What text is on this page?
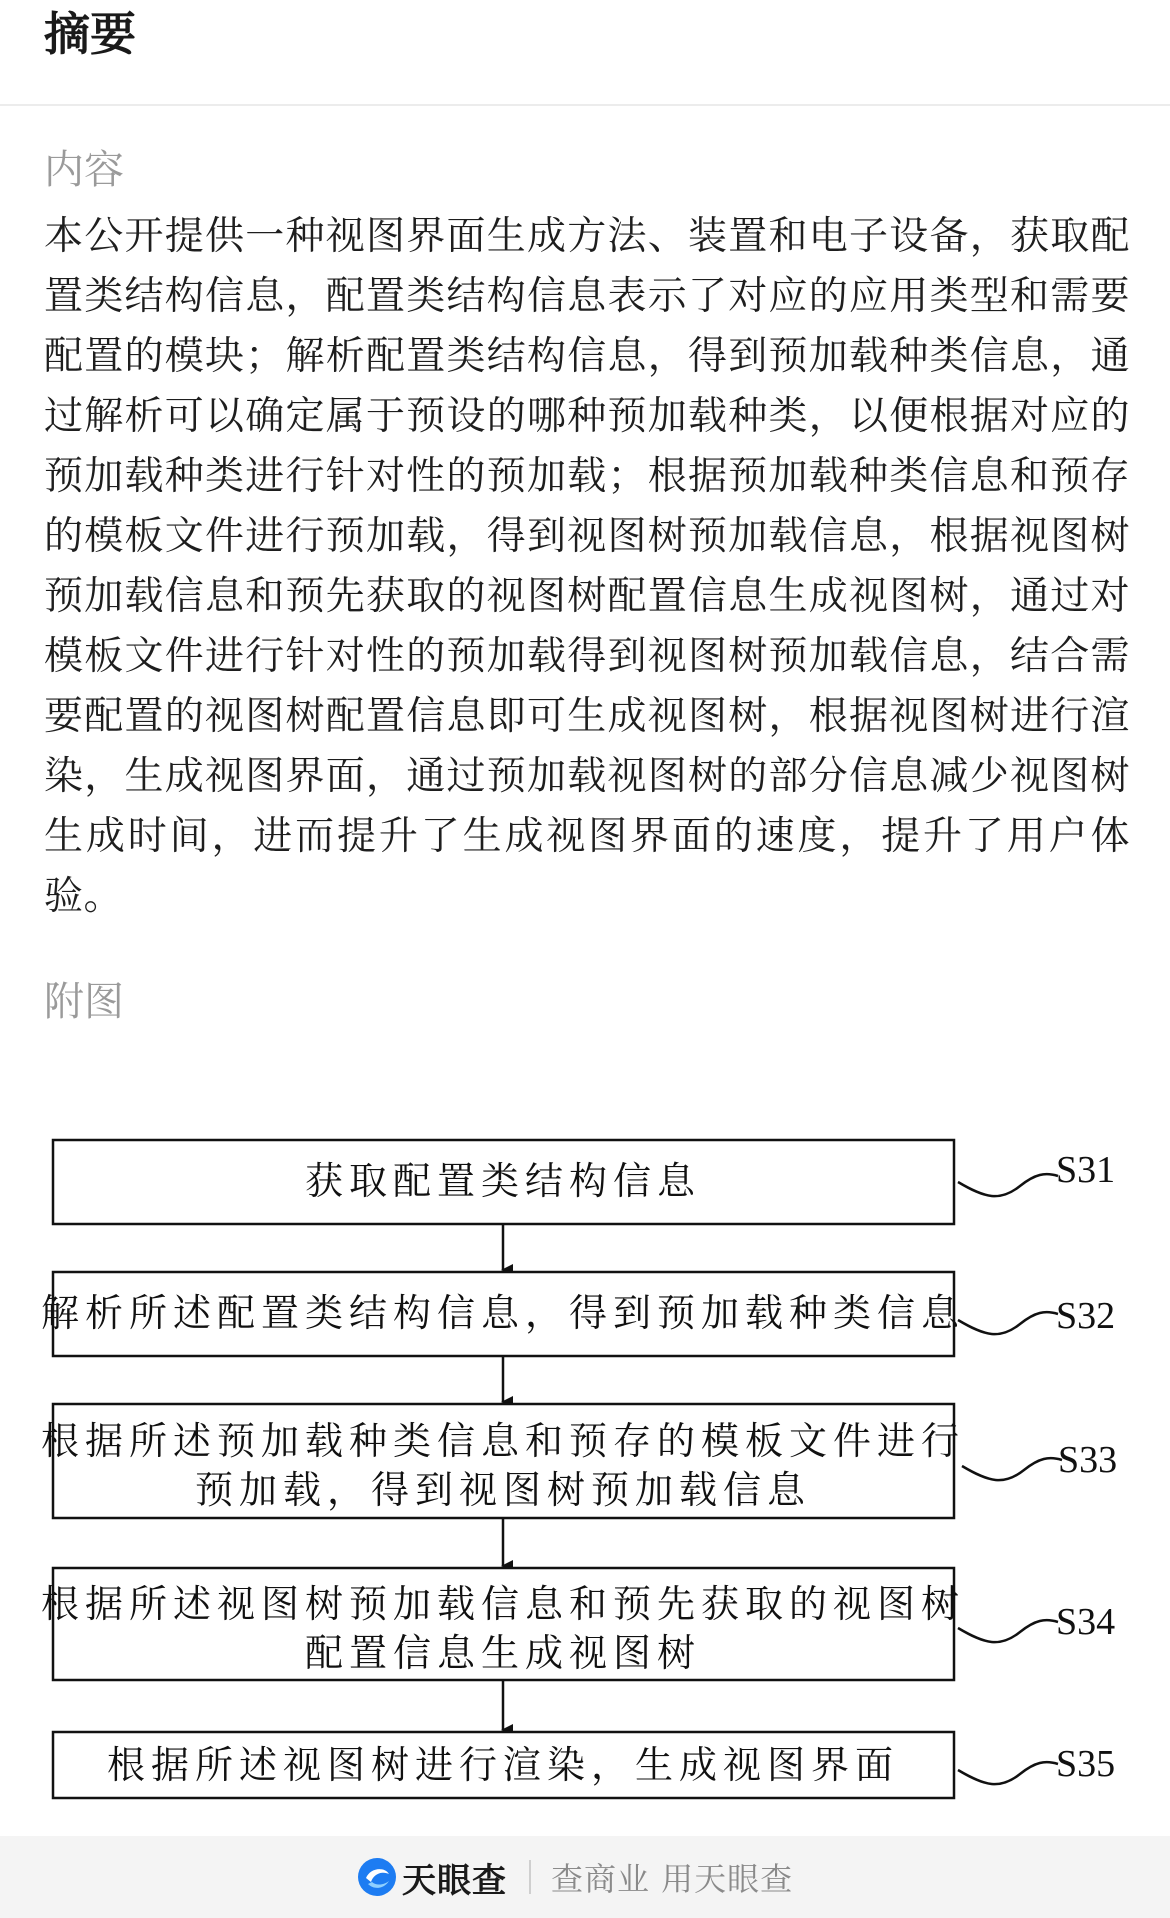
摘要
内容

本公开提供一种视图界面生成方法、装置和电子设备，获取配置类结构信息，配置类结构信息表示了对应的应用类型和需要配置的模块；解析配置类结构信息，得到预加载种类信息，通过解析可以确定属于预设的哪种预加载种类，以便根据对应的预加载种类进行针对性的预加载；根据预加载种类信息和预存的模板文件进行预加载，得到视图树预加载信息，根据视图树预加载信息和预先获取的视图树配置信息生成视图树，通过对模板文件进行针对性的预加载得到视图树预加载信息，结合需要配置的视图树配置信息即可生成视图树，根据视图树进行渲染，生成视图界面，通过预加载视图树的部分信息减少视图树生成时间，进而提升了生成视图界面的速度，提升了用户体验。

附图
获取配置类结构信息	S31
解析所述配置类结构信息，得到预加载种类信息 S32
根据所述预加载种类信息和预存的模板文件进行
预加载，得到视图树预加载信息
S33
根据所述视图树预加载信息和预先获取的视图树
配置信息生成视图树
S34
根据所述视图树进行渲染，生成视图界面	S35
天眼查 查商业 用天眼查
